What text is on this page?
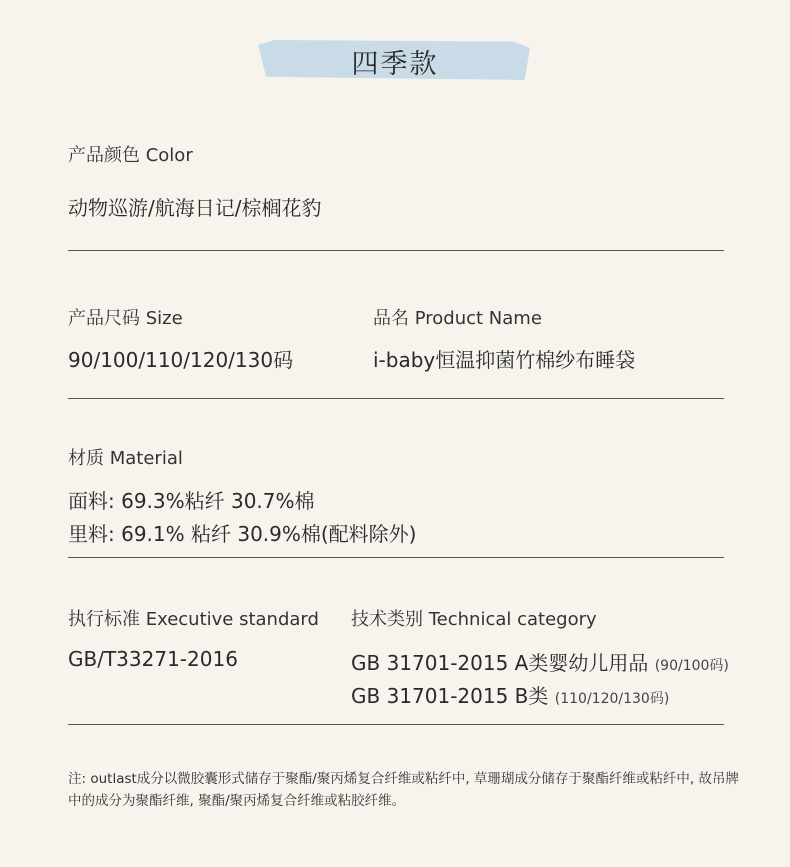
四季款
产品颜色 Color
动物巡游/航海日记/棕榈花豹
产品尺码 Size
90/100/110/120/130码
品名 Product Name
i-baby恒温抑菌竹棉纱布睡袋
材质 Material
面料: 69.3%粘纤 30.7%棉
里料: 69.1% 粘纤 30.9%棉(配料除外)
执行标准 Executive standard
GB/T33271-2016
技术类别 Technical category
GB 31701-2015 A类婴幼儿用品 (90/100码)
GB 31701-2015 B类 (110/120/130码)
注: outlast成分以微胶囊形式储存于聚酯/聚丙烯复合纤维或粘纤中, 草珊瑚成分储存于聚酯纤维或粘纤中, 故吊牌中的成分为聚酯纤维, 聚酯/聚丙烯复合纤维或粘胶纤维。
